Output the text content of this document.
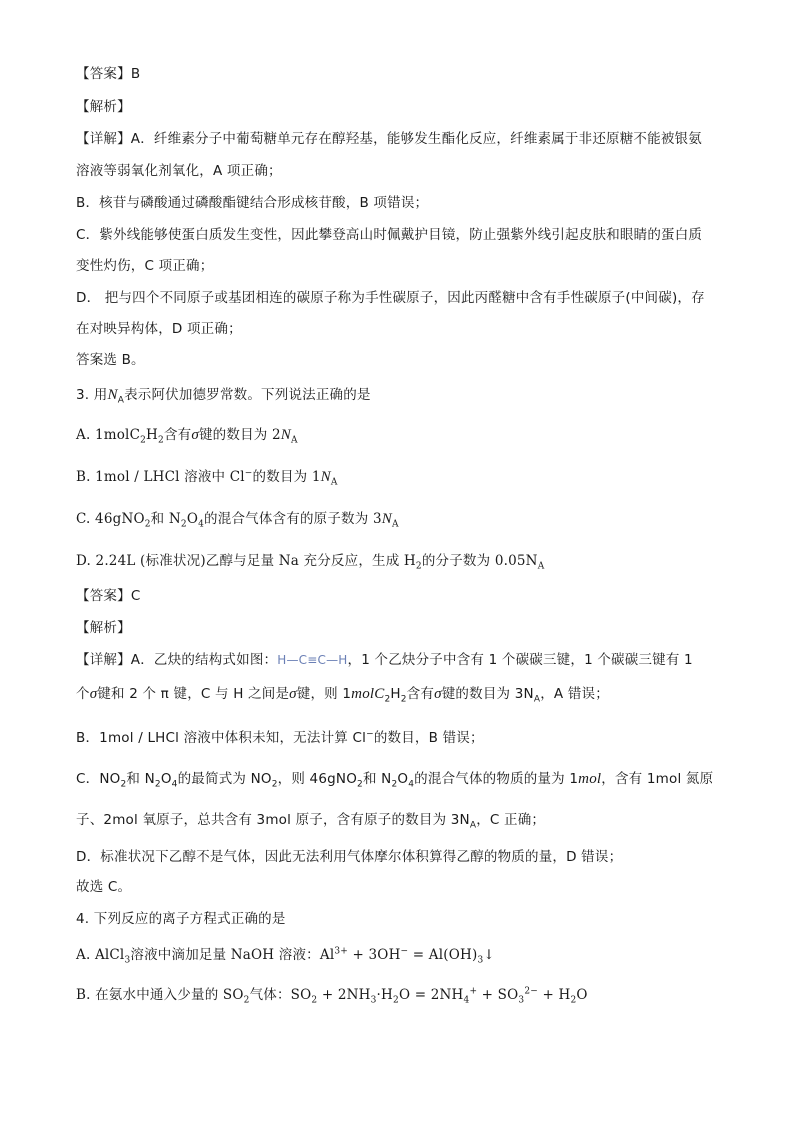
【答案】B
【解析】
【详解】A．纤维素分子中葡萄糖单元存在醇羟基，能够发生酯化反应，纤维素属于非还原糖不能被银氨
溶液等弱氧化剂氧化，A 项正确；
B．核苷与磷酸通过磷酸酯键结合形成核苷酸，B 项错误；
C．紫外线能够使蛋白质发生变性，因此攀登高山时佩戴护目镜，防止强紫外线引起皮肤和眼睛的蛋白质
变性灼伤，C 项正确；
D． 把与四个不同原子或基团相连的碳原子称为手性碳原子，因此丙醛糖中含有手性碳原子(中间碳)，存
在对映异构体，D 项正确；
答案选 B。
3. 用$N_A$表示阿伏加德罗常数。下列说法正确的是
A. $1molC_2H_2$含有σ键的数目为 $2N_A$
B. 1mol / LHCl 溶液中 Cl−的数目为 $1N_A$
C. 46gNO$_2$和 $N_2O_4$的混合气体含有的原子数为 $3N_A$
D. 2.24L (标准状况)乙醇与足量 Na 充分反应，生成 $H_2$的分子数为 $0.05N_A$
【答案】C
【解析】
【详解】A．乙炔的结构式如图：H—C≡C—H，1 个乙炔分子中含有 1 个碳碳三键，1 个碳碳三键有 1
个σ键和 2 个 π 键，C 与 H 之间是σ键，则 $1molC_2H_2$含有σ键的数目为 $3N_A$，A 错误；
B．1mol / LHCl 溶液中体积未知，无法计算 Cl−的数目，B 错误；
C．$NO_2$和 $N_2O_4$的最简式为 $NO_2$，则 46gNO$_2$和 $N_2O_4$的混合气体的物质的量为 1mol，含有 1mol 氮原
子、2mol 氧原子，总共含有 3mol 原子，含有原子的数目为 $3N_A$，C 正确；
D．标准状况下乙醇不是气体，因此无法利用气体摩尔体积算得乙醇的物质的量，D 错误；
故选 C。
4. 下列反应的离子方程式正确的是
A. AlCl$_3$溶液中滴加足量 NaOH 溶液：$Al^{3+} + 3OH^-$ = $Al(OH)_3↓$
B. 在氨水中通入少量的 $SO_2$气体：$SO_2 + 2NH_3\cdot H_2O = 2NH_4^+ + SO_3^{2-} + H_2O$
